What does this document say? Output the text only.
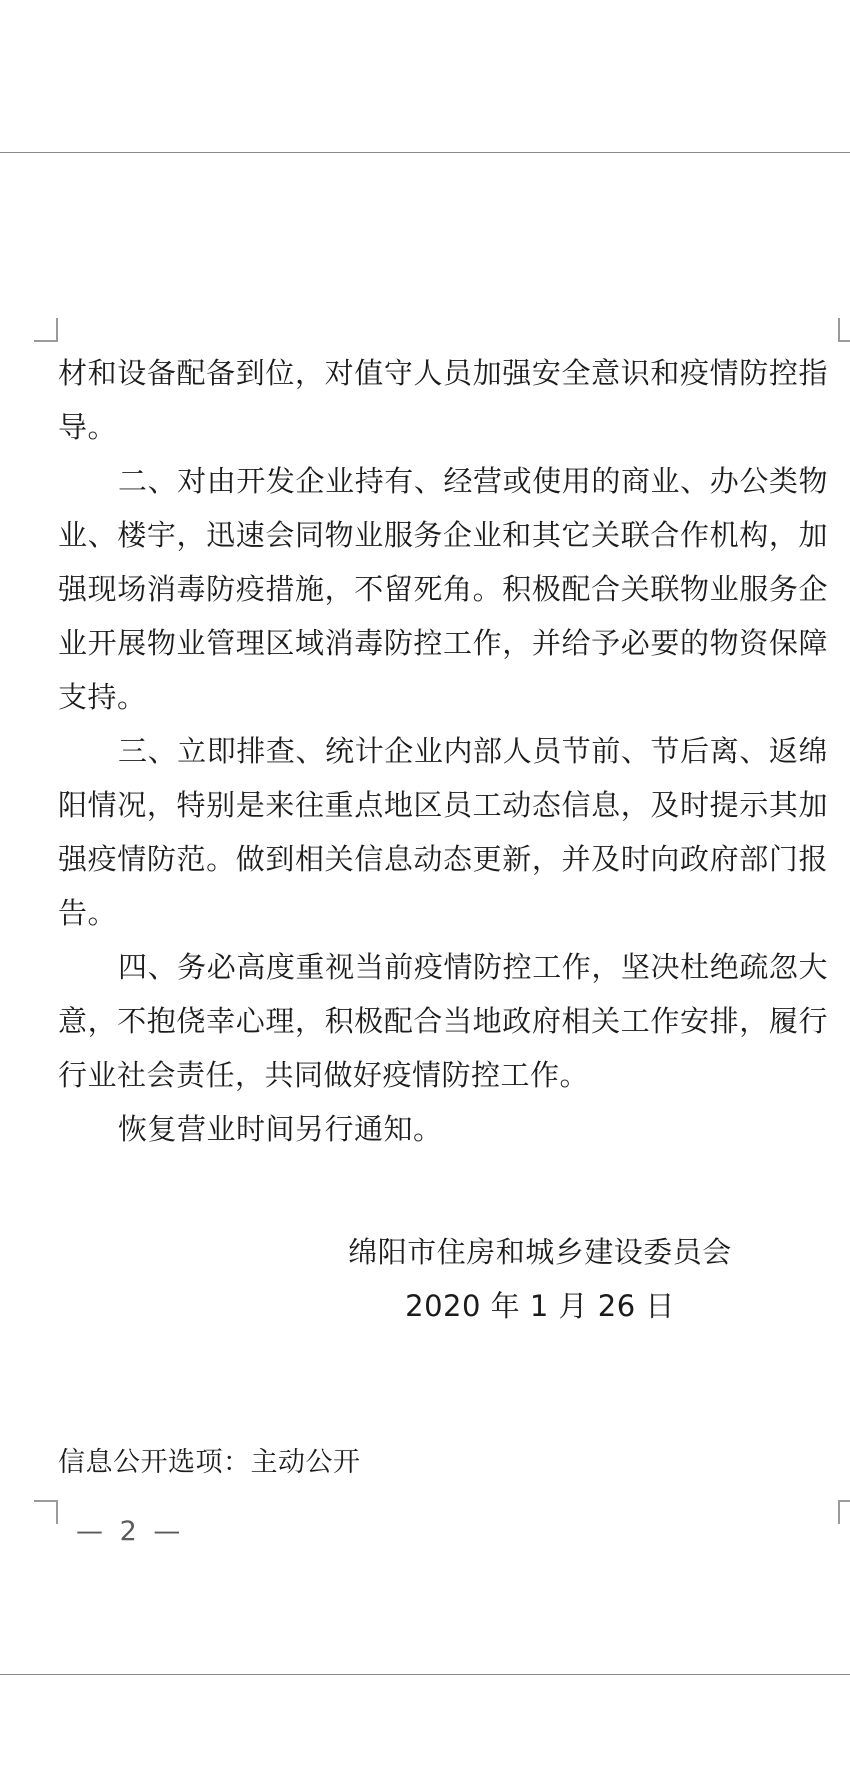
材和设备配备到位，对值守人员加强安全意识和疫情防控指导。

二、对由开发企业持有、经营或使用的商业、办公类物业、楼宇，迅速会同物业服务企业和其它关联合作机构，加强现场消毒防疫措施，不留死角。积极配合关联物业服务企业开展物业管理区域消毒防控工作，并给予必要的物资保障支持。

三、立即排查、统计企业内部人员节前、节后离、返绵阳情况，特别是来往重点地区员工动态信息，及时提示其加强疫情防范。做到相关信息动态更新，并及时向政府部门报告。

四、务必高度重视当前疫情防控工作，坚决杜绝疏忽大意，不抱侥幸心理，积极配合当地政府相关工作安排，履行行业社会责任，共同做好疫情防控工作。

恢复营业时间另行通知。

绵阳市住房和城乡建设委员会
2020 年 1 月 26 日
信息公开选项：主动公开
— 2 —
